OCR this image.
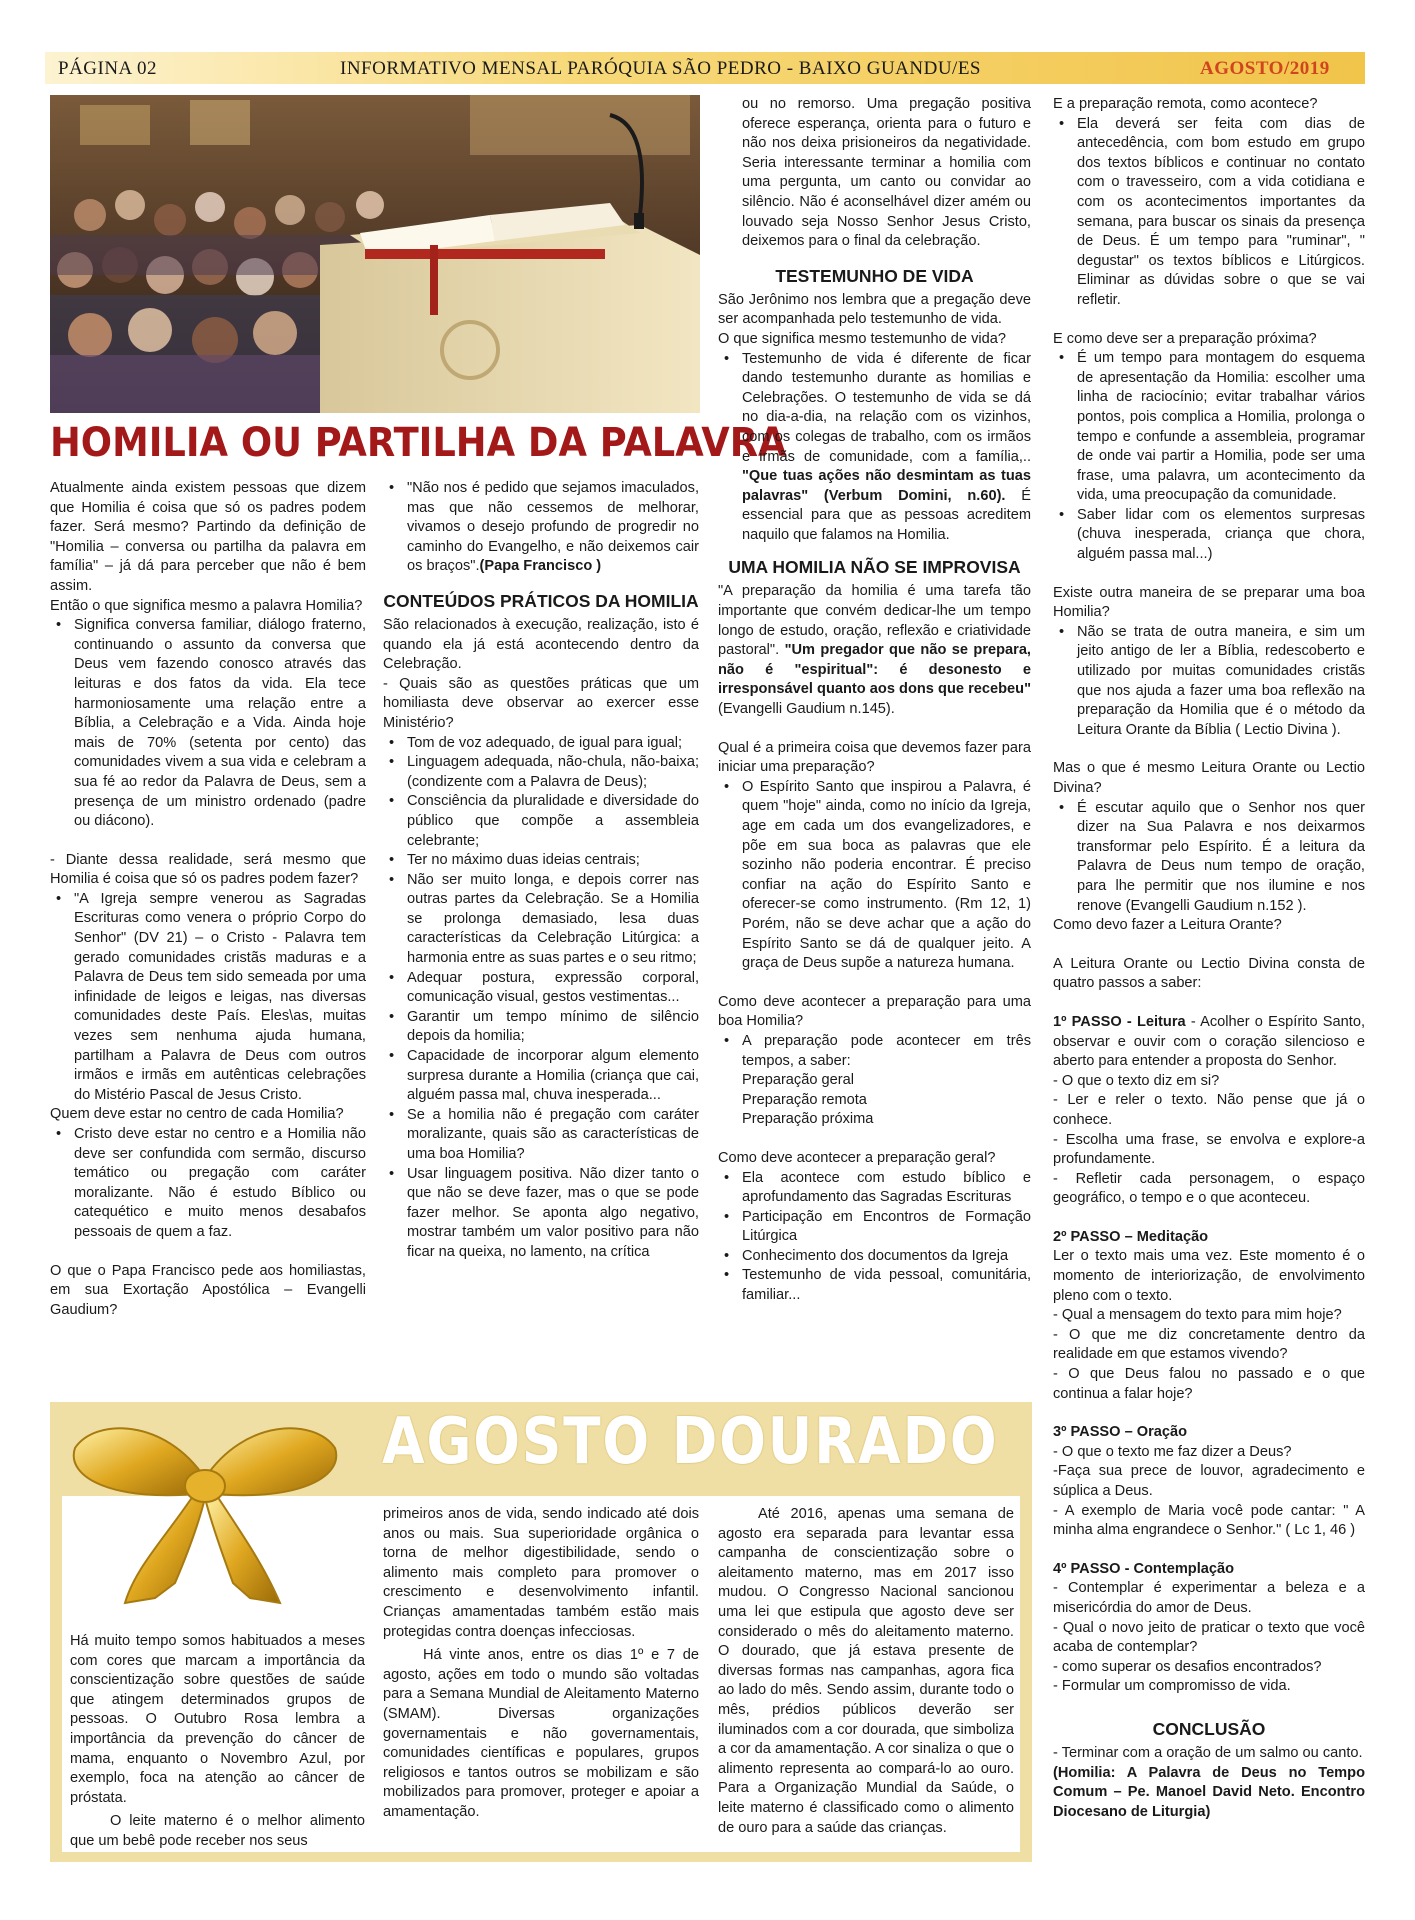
PÁGINA 02	INFORMATIVO MENSAL PARÓQUIA SÃO PEDRO - BAIXO GUANDU/ES	AGOSTO/2019
HOMILIA OU PARTILHA DA PALAVRA

Atualmente ainda existem pessoas que dizem que Homilia é coisa que só os padres podem fazer. Será mesmo? Partindo da definição de "Homilia – conversa ou partilha da palavra em família" – já dá para perceber que não é bem assim.

Então o que significa mesmo a palavra Homilia?

• Significa conversa familiar, diálogo fraterno, continuando o assunto da conversa que Deus vem fazendo conosco através das leituras e dos fatos da vida. Ela tece harmoniosamente uma relação entre a Bíblia, a Celebração e a Vida. Ainda hoje mais de 70% (setenta por cento) das comunidades vivem a sua vida e celebram a sua fé ao redor da Palavra de Deus, sem a presença de um ministro ordenado (padre ou diácono).

- Diante dessa realidade, será mesmo que Homilia é coisa que só os padres podem fazer?

• "A Igreja sempre venerou as Sagradas Escrituras como venera o próprio Corpo do Senhor" (DV 21) – o Cristo - Palavra tem gerado comunidades cristãs maduras e a Palavra de Deus tem sido semeada por uma infinidade de leigos e leigas, nas diversas comunidades deste País. Eles\as, muitas vezes sem nenhuma ajuda humana, partilham a Palavra de Deus com outros irmãos e irmãs em autênticas celebrações do Mistério Pascal de Jesus Cristo.

Quem deve estar no centro de cada Homilia?

• Cristo deve estar no centro e a Homilia não deve ser confundida com sermão, discurso temático ou pregação com caráter moralizante. Não é estudo Bíblico ou catequético e muito menos desabafos pessoais de quem a faz.

O que o Papa Francisco pede aos homiliastas, em sua Exortação Apostólica – Evangelli Gaudium?

• "Não nos é pedido que sejamos imaculados, mas que não cessemos de melhorar, vivamos o desejo profundo de progredir no caminho do Evangelho, e não deixemos cair os braços".(Papa Francisco )
CONTEÚDOS PRÁTICOS DA HOMILIA

São relacionados à execução, realização, isto é quando ela já está acontecendo dentro da Celebração.

- Quais são as questões práticas que um homiliasta deve observar ao exercer esse Ministério?

• Tom de voz adequado, de igual para igual;
• Linguagem adequada, não-chula, não-baixa; (condizente com a Palavra de Deus);
• Consciência da pluralidade e diversidade do público que compõe a assembleia celebrante;
• Ter no máximo duas ideias centrais;
• Não ser muito longa, e depois correr nas outras partes da Celebração. Se a Homilia se prolonga demasiado, lesa duas características da Celebração Litúrgica: a harmonia entre as suas partes e o seu ritmo;
• Adequar postura, expressão corporal, comunicação visual, gestos vestimentas...
• Garantir um tempo mínimo de silêncio depois da homilia;
• Capacidade de incorporar algum elemento surpresa durante a Homilia (criança que cai, alguém passa mal, chuva inesperada...
• Se a homilia não é pregação com caráter moralizante, quais são as características de uma boa Homilia?
• Usar linguagem positiva. Não dizer tanto o que não se deve fazer, mas o que se pode fazer melhor. Se aponta algo negativo, mostrar também um valor positivo para não ficar na queixa, no lamento, na crítica

ou no remorso. Uma pregação positiva oferece esperança, orienta para o futuro e não nos deixa prisioneiros da negatividade. Seria interessante terminar a homilia com uma pergunta, um canto ou convidar ao silêncio. Não é aconselhável dizer amém ou louvado seja Nosso Senhor Jesus Cristo, deixemos para o final da celebração.

TESTEMUNHO DE VIDA

São Jerônimo nos lembra que a pregação deve ser acompanhada pelo testemunho de vida.

O que significa mesmo testemunho de vida?

• Testemunho de vida é diferente de ficar dando testemunho durante as homilias e Celebrações. O testemunho de vida se dá no dia-a-dia, na relação com os vizinhos, com os colegas de trabalho, com os irmãos e irmãs de comunidade, com a família,.. "Que tuas ações não desmintam as tuas palavras" (Verbum Domini, n.60). É essencial para que as pessoas acreditem naquilo que falamos na Homilia.
UMA HOMILIA NÃO SE IMPROVISA

"A preparação da homilia é uma tarefa tão importante que convém dedicar-lhe um tempo longo de estudo, oração, reflexão e criatividade pastoral". "Um pregador que não se prepara, não é "espiritual": é desonesto e irresponsável quanto aos dons que recebeu" (Evangelli Gaudium n.145).

Qual é a primeira coisa que devemos fazer para iniciar uma preparação?

• O Espírito Santo que inspirou a Palavra, é quem "hoje" ainda, como no início da Igreja, age em cada um dos evangelizadores, e põe em sua boca as palavras que ele sozinho não poderia encontrar. É preciso confiar na ação do Espírito Santo e oferecer-se como instrumento. (Rm 12, 1) Porém, não se deve achar que a ação do Espírito Santo se dá de qualquer jeito. A graça de Deus supõe a natureza humana.

Como deve acontecer a preparação para uma boa Homilia?

• A preparação pode acontecer em três tempos, a saber:
Preparação geral
Preparação remota
Preparação próxima

Como deve acontecer a preparação geral?

• Ela acontece com estudo bíblico e aprofundamento das Sagradas Escrituras
• Participação em Encontros de Formação Litúrgica
• Conhecimento dos documentos da Igreja
• Testemunho de vida pessoal, comunitária, familiar...

E a preparação remota, como acontece?

• Ela deverá ser feita com dias de antecedência, com bom estudo em grupo dos textos bíblicos e continuar no contato com o travesseiro, com a vida cotidiana e com os acontecimentos importantes da semana, para buscar os sinais da presença de Deus. É um tempo para "ruminar", " degustar" os textos bíblicos e Litúrgicos. Eliminar as dúvidas sobre o que se vai refletir.

E como deve ser a preparação próxima?

• É um tempo para montagem do esquema de apresentação da Homilia: escolher uma linha de raciocínio; evitar trabalhar vários pontos, pois complica a Homilia, prolonga o tempo e confunde a assembleia, programar de onde vai partir a Homilia, pode ser uma frase, uma palavra, um acontecimento da vida, uma preocupação da comunidade.
• Saber lidar com os elementos surpresas (chuva inesperada, criança que chora, alguém passa mal...)

Existe outra maneira de se preparar uma boa Homilia?

• Não se trata de outra maneira, e sim um jeito antigo de ler a Bíblia, redescoberto e utilizado por muitas comunidades cristãs que nos ajuda a fazer uma boa reflexão na preparação da Homilia que é o método da Leitura Orante da Bíblia ( Lectio Divina ).

Mas o que é mesmo Leitura Orante ou Lectio Divina?

• É escutar aquilo que o Senhor nos quer dizer na Sua Palavra e nos deixarmos transformar pelo Espírito. É a leitura da Palavra de Deus num tempo de oração, para lhe permitir que nos ilumine e nos renove (Evangelli Gaudium n.152 ).

Como devo fazer a Leitura Orante?

A Leitura Orante ou Lectio Divina consta de quatro passos a saber:

1º PASSO - Leitura - Acolher o Espírito Santo, observar e ouvir com o coração silencioso e aberto para entender a proposta do Senhor.

- O que o texto diz em si?

- Ler e reler o texto. Não pense que já o conhece.

- Escolha uma frase, se envolva e explore-a profundamente.

- Refletir cada personagem, o espaço geográfico, o tempo e o que aconteceu.

2º PASSO – Meditação

Ler o texto mais uma vez. Este momento é o momento de interiorização, de envolvimento pleno com o texto.

- Qual a mensagem do texto para mim hoje?

- O que me diz concretamente dentro da realidade em que estamos vivendo?

- O que Deus falou no passado e o que continua a falar hoje?

3º PASSO – Oração

- O que o texto me faz dizer a Deus?

-Faça sua prece de louvor, agradecimento e súplica a Deus.

- A exemplo de Maria você pode cantar: " A minha alma engrandece o Senhor." ( Lc 1, 46 )

4º PASSO - Contemplação

- Contemplar é experimentar a beleza e a misericórdia do amor de Deus.

- Qual o novo jeito de praticar o texto que você acaba de contemplar?

- como superar os desafios encontrados?

- Formular um compromisso de vida.

CONCLUSÃO

- Terminar com a oração de um salmo ou canto.

(Homilia: A Palavra de Deus no Tempo Comum – Pe. Manoel David Neto. Encontro Diocesano de Liturgia)

AGOSTO DOURADO

Há muito tempo somos habituados a meses com cores que marcam a importância da conscientização sobre questões de saúde que atingem determinados grupos de pessoas. O Outubro Rosa lembra a importância da prevenção do câncer de mama, enquanto o Novembro Azul, por exemplo, foca na atenção ao câncer de próstata.

O leite materno é o melhor alimento que um bebê pode receber nos seus

primeiros anos de vida, sendo indicado até dois anos ou mais. Sua superioridade orgânica o torna de melhor digestibilidade, sendo o alimento mais completo para promover o crescimento e desenvolvimento infantil. Crianças amamentadas também estão mais protegidas contra doenças infecciosas.

Há vinte anos, entre os dias 1º e 7 de agosto, ações em todo o mundo são voltadas para a Semana Mundial de Aleitamento Materno (SMAM). Diversas organizações governamentais e não governamentais, comunidades científicas e populares, grupos religiosos e tantos outros se mobilizam e são mobilizados para promover, proteger e apoiar a amamentação.

Até 2016, apenas uma semana de agosto era separada para levantar essa campanha de conscientização sobre o aleitamento materno, mas em 2017 isso mudou. O Congresso Nacional sancionou uma lei que estipula que agosto deve ser considerado o mês do aleitamento materno. O dourado, que já estava presente de diversas formas nas campanhas, agora fica ao lado do mês. Sendo assim, durante todo o mês, prédios públicos deverão ser iluminados com a cor dourada, que simboliza a cor da amamentação. A cor sinaliza o que o alimento representa ao compará-lo ao ouro. Para a Organização Mundial da Saúde, o leite materno é classificado como o alimento de ouro para a saúde das crianças.
